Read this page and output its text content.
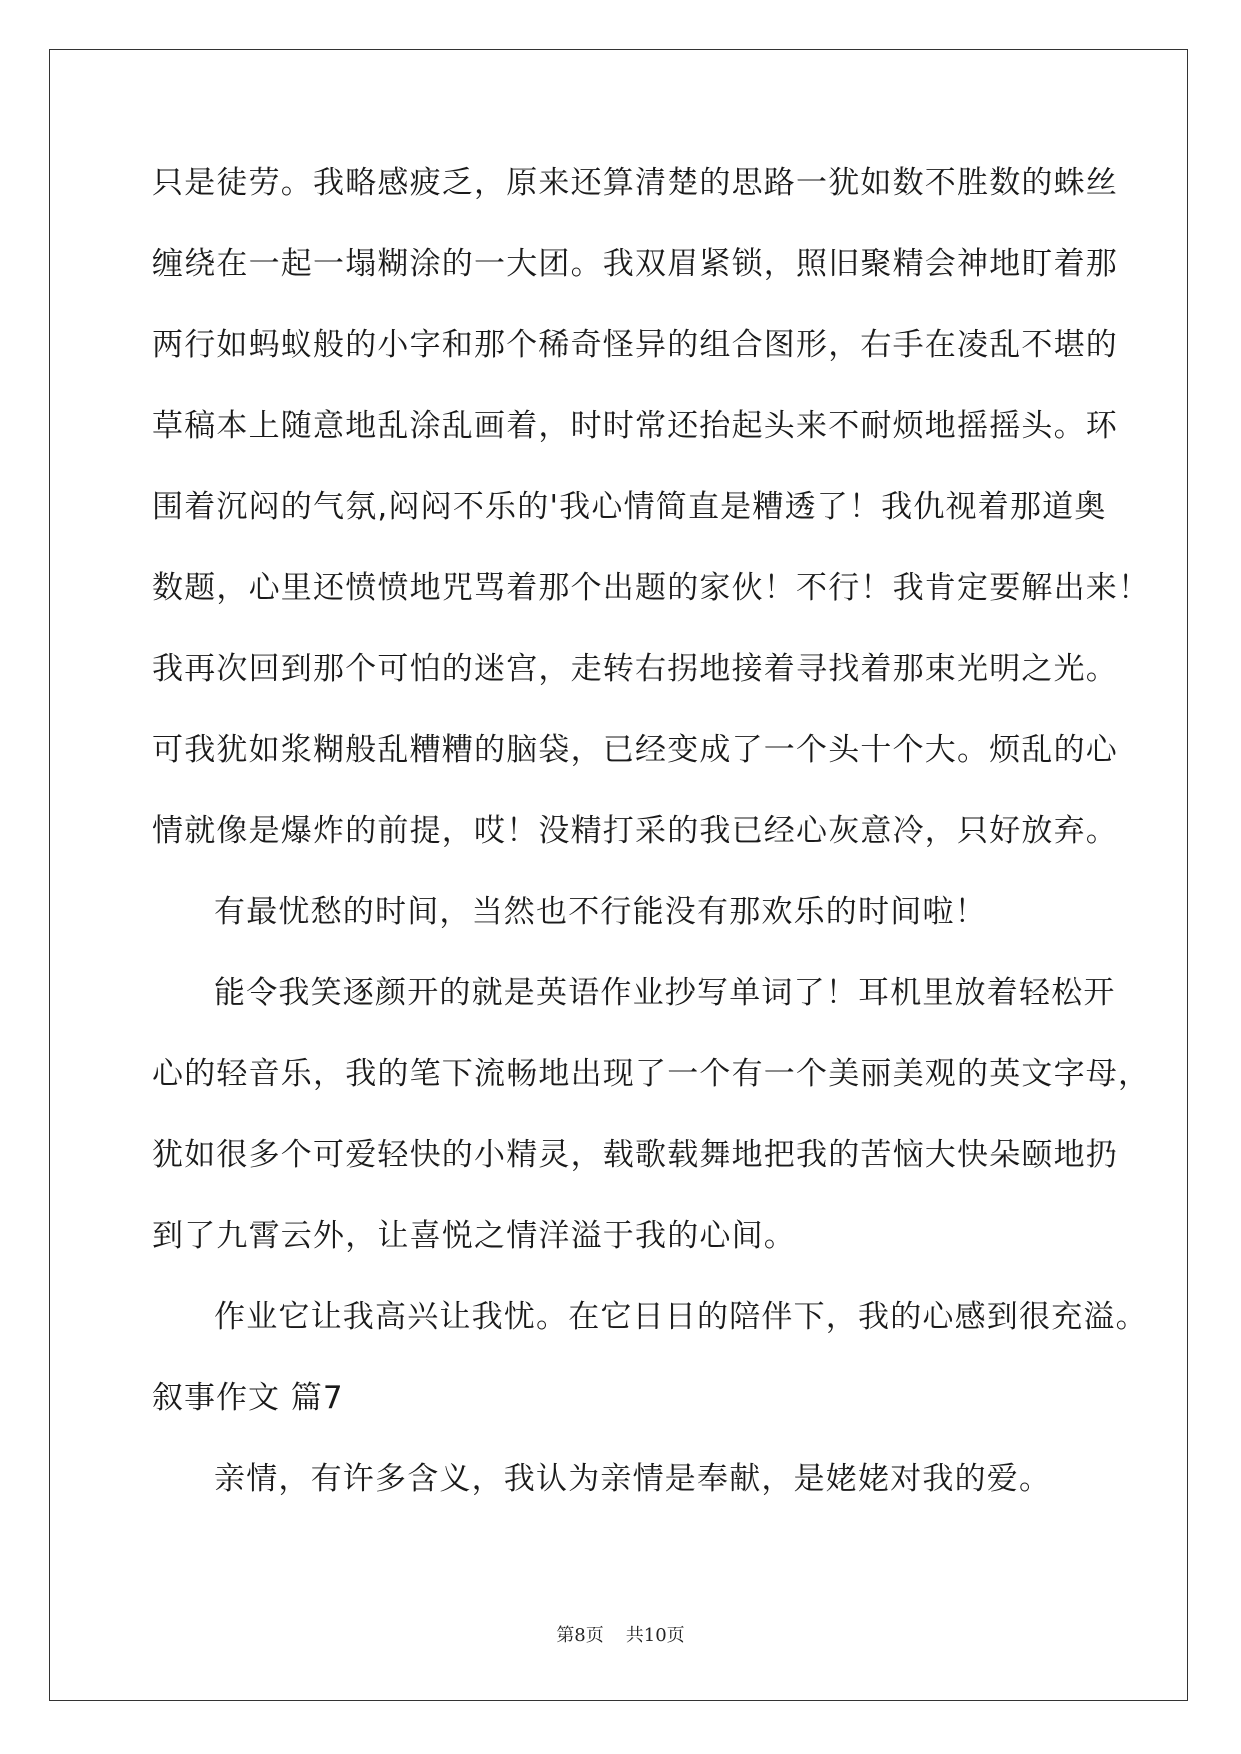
只是徒劳。我略感疲乏，原来还算清楚的思路一犹如数不胜数的蛛丝
缠绕在一起一塌糊涂的一大团。我双眉紧锁，照旧聚精会神地盯着那
两行如蚂蚁般的小字和那个稀奇怪异的组合图形，右手在凌乱不堪的
草稿本上随意地乱涂乱画着，时时常还抬起头来不耐烦地摇摇头。环
围着沉闷的气氛,闷闷不乐的'我心情简直是糟透了！我仇视着那道奥
数题，心里还愤愤地咒骂着那个出题的家伙！不行！我肯定要解出来！
我再次回到那个可怕的迷宫，走转右拐地接着寻找着那束光明之光。
可我犹如浆糊般乱糟糟的脑袋，已经变成了一个头十个大。烦乱的心
情就像是爆炸的前提，哎！没精打采的我已经心灰意冷，只好放弃。
有最忧愁的时间，当然也不行能没有那欢乐的时间啦！
能令我笑逐颜开的就是英语作业抄写单词了！耳机里放着轻松开
心的轻音乐，我的笔下流畅地出现了一个有一个美丽美观的英文字母，
犹如很多个可爱轻快的小精灵，载歌载舞地把我的苦恼大快朵颐地扔
到了九霄云外，让喜悦之情洋溢于我的心间。
作业它让我高兴让我忧。在它日日的陪伴下，我的心感到很充溢。
叙事作文 篇7
亲情，有许多含义，我认为亲情是奉献，是姥姥对我的爱。
第8页 共10页
